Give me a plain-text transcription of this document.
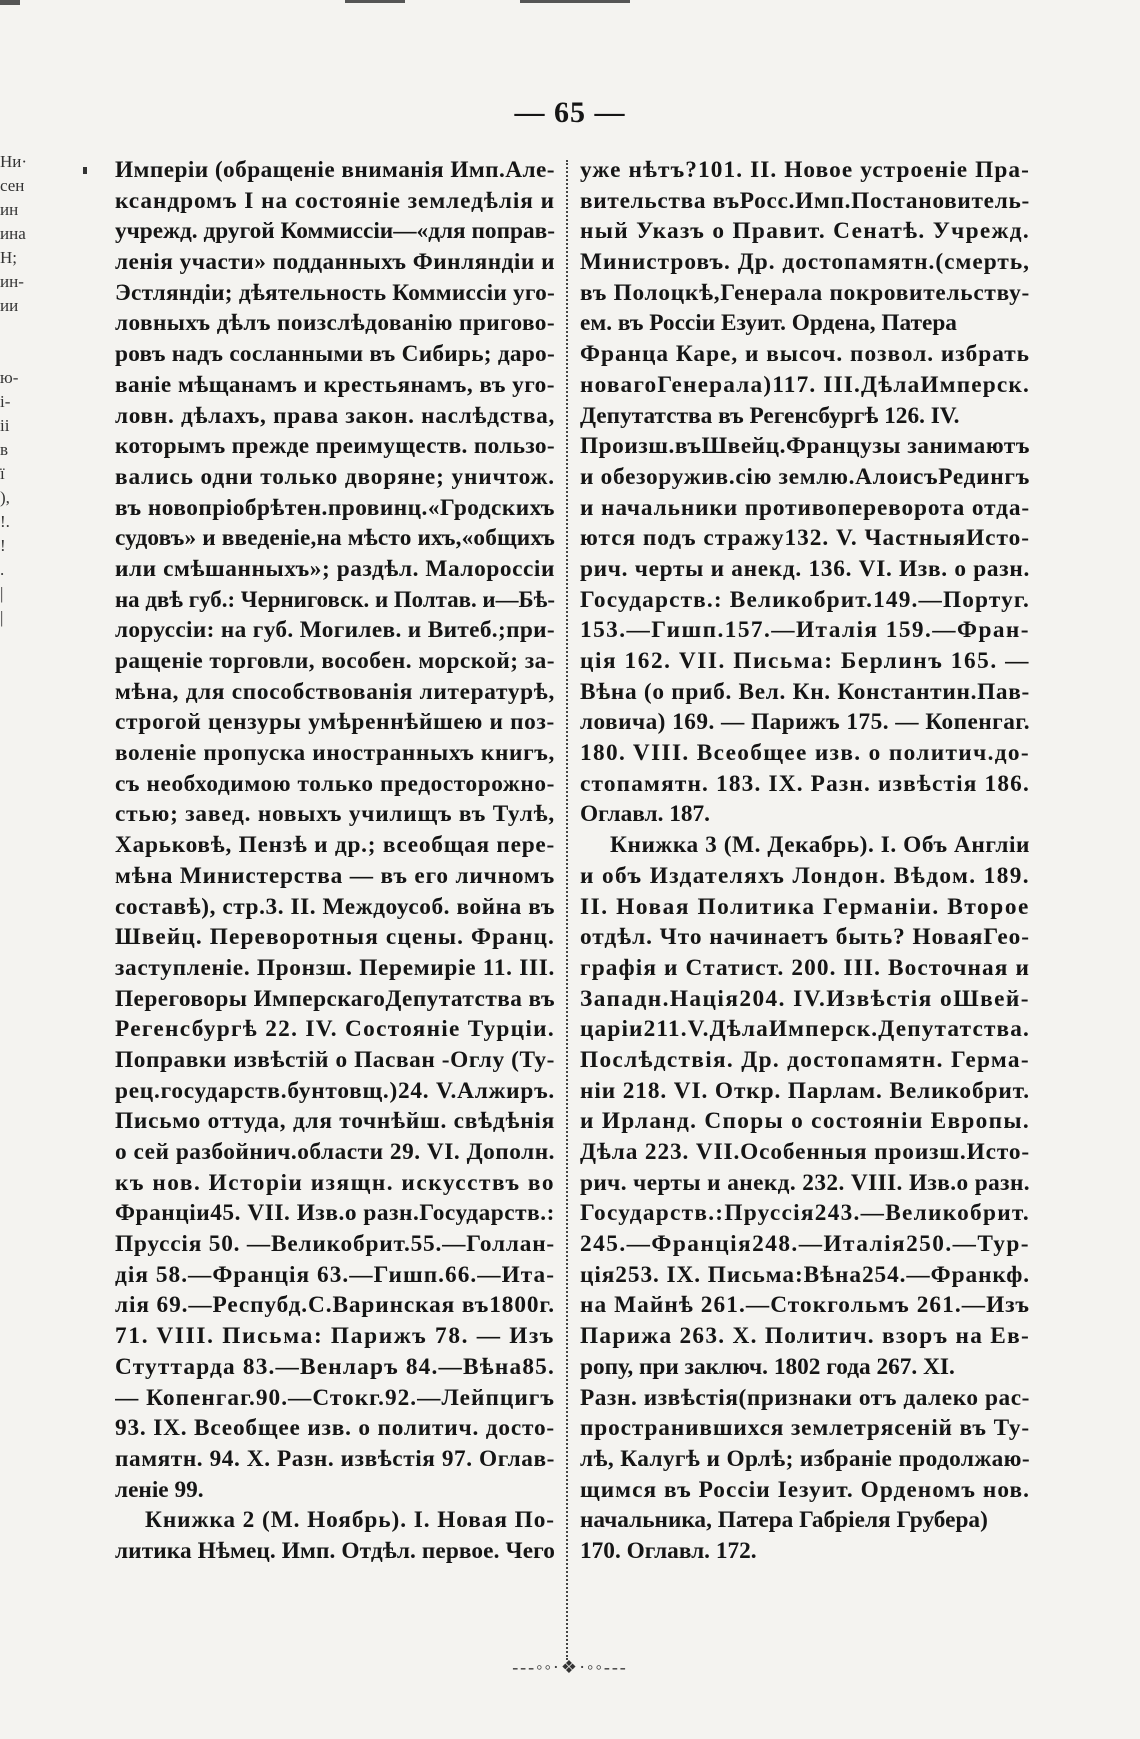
— 65 —
Ни·
сен
ин
ина
Н;
ин-
ии
ю-
і-
іі
в
ї
),
!.
!
.
|
|
Имперіи (обращеніе вниманія Имп.Але-
ксандромъ I на состояніе земледѣлія и
учрежд. другой Коммиссіи—«для поправ-
ленія участи» подданныхъ Финляндіи и
Эстляндіи; дѣятельность Коммиссіи уго-
ловныхъ дѣлъ поизслѣдованію пригово-
ровъ надъ сосланными въ Сибирь; даро-
ваніе мѣщанамъ и крестьянамъ, въ уго-
ловн. дѣлахъ, права закон. наслѣдства,
которымъ прежде преимуществ. пользо-
вались одни только дворяне; уничтож.
въ новопріобрѣтен.провинц.«Гродскихъ
судовъ» и введеніе,на мѣсто ихъ,«общихъ
или смѣшанныхъ»; раздѣл. Малороссіи
на двѣ губ.: Черниговск. и Полтав. и—Бѣ-
лоруссіи: на губ. Могилев. и Витеб.;при-
ращеніе торговли, вособен. морской; за-
мѣна, для способствованія литературѣ,
строгой цензуры умѣреннѣйшею и поз-
воленіе пропуска иностранныхъ книгъ,
съ необходимою только предосторожно-
стью; завед. новыхъ училищъ въ Тулѣ,
Харьковѣ, Пензѣ и др.; всеобщая пере-
мѣна Министерства — въ его личномъ
составѣ), стр.3. II. Междоусоб. война въ
Швейц. Переворотныя сцены. Франц.
заступленіе. Пронзш. Перемиріе 11. III.
Переговоры ИмперскагоДепутатства въ
Регенсбургѣ 22. IV. Состояніе Турціи.
Поправки извѣстій о Пасван -Оглу (Ту-
рец.государств.бунтовщ.)24. V.Алжиръ.
Письмо оттуда, для точнѣйш. свѣдѣнія
о сей разбойнич.области 29. VI. Дополн.
къ нов. Исторіи изящн. искусствъ во
Франціи45. VII. Изв.о разн.Государств.:
Пруссія 50. —Великобрит.55.—Голлан-
дія 58.—Франція 63.—Гишп.66.—Ита-
лія 69.—Респубд.С.Варинская въ1800г.
71. VIII. Письма: Парижъ 78. — Изъ
Стуттарда 83.—Венларъ 84.—Вѣна85.
— Копенгаг.90.—Стокг.92.—Лейпцигъ
93. IX. Всеобщее изв. о политич. досто-
памятн. 94. X. Разн. извѣстія 97. Оглав-
леніе 99.
Книжка 2 (М. Ноябрь). I. Новая По-
литика Нѣмец. Имп. Отдѣл. первое. Чего
уже нѣтъ?101. II. Новое устроеніе Пра-
вительства въРосс.Имп.Постановитель-
ный Указъ о Правит. Сенатѣ. Учрежд.
Министровъ. Др. достопамятн.(смерть,
въ Полоцкѣ,Генерала покровительству-
ем. въ Россіи Езуит. Ордена, Патера
Франца Каре, и высоч. позвол. избрать
новагоГенерала)117. III.ДѣлаИмперск.
Депутатства въ Регенсбургѣ 126. IV.
Произш.въШвейц.Французы занимаютъ
и обезоружив.сію землю.АлоисъРедингъ
и начальники противопереворота отда-
ются подъ стражу132. V. ЧастныяИсто-
рич. черты и анекд. 136. VI. Изв. о разн.
Государств.: Великобрит.149.—Португ.
153.—Гишп.157.—Италія 159.—Фран-
ція 162. VII. Письма: Берлинъ 165. —
Вѣна (о приб. Вел. Кн. Константин.Пав-
ловича) 169. — Парижъ 175. — Копенгаг.
180. VIII. Всеобщее изв. о политич.до-
стопамятн. 183. IX. Разн. извѣстія 186.
Оглавл. 187.
Книжка 3 (М. Декабрь). I. Объ Англіи
и объ Издателяхъ Лондон. Вѣдом. 189.
II. Новая Политика Германіи. Второе
отдѣл. Что начинаетъ быть? НоваяГео-
графія и Статист. 200. III. Восточная и
Западн.Нація204. IV.Извѣстія оШвей-
царіи211.V.ДѣлаИмперск.Депутатства.
Послѣдствія. Др. достопамятн. Герма-
ніи 218. VI. Откр. Парлам. Великобрит.
и Ирланд. Споры о состояніи Европы.
Дѣла 223. VII.Особенныя произш.Исто-
рич. черты и анекд. 232. VIII. Изв.о разн.
Государств.:Пруссія243.—Великобрит.
245.—Франція248.—Италія250.—Тур-
ція253. IX. Письма:Вѣна254.—Франкф.
на Майнѣ 261.—Стокгольмъ 261.—Изъ
Парижа 263. X. Политич. взоръ на Ев-
ропу, при заключ. 1802 года 267. XI.
Разн. извѣстія(признаки отъ далеко рас-
пространившихся землетрясеній въ Ту-
лѣ, Калугѣ и Орлѣ; избраніе продолжаю-
щимся въ Россіи Іезуит. Орденомъ нов.
начальника, Патера Габріеля Грубера)
170. Оглавл. 172.
---◦◦·❖·◦◦---
